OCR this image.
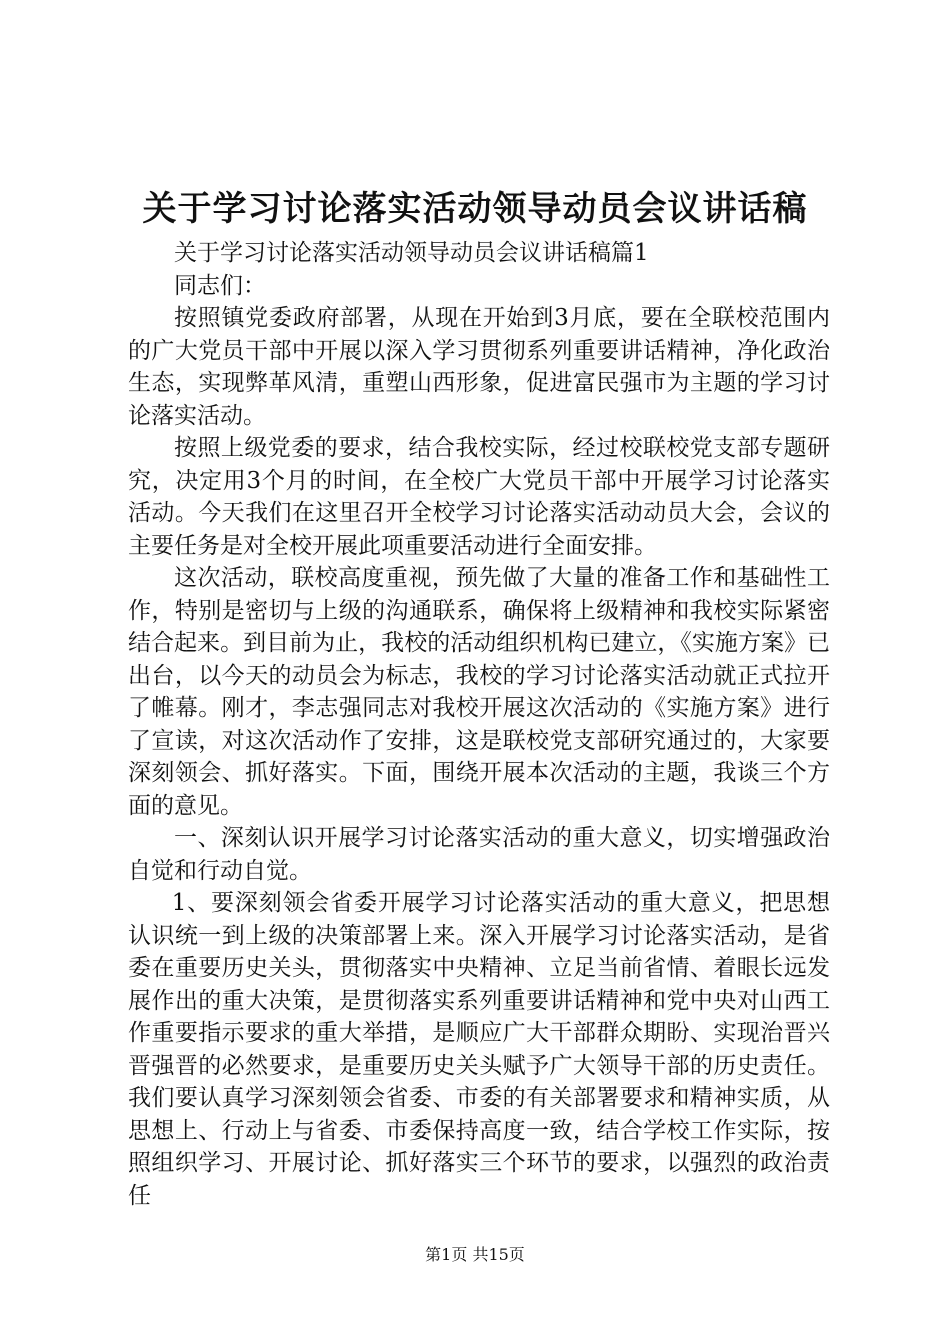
关于学习讨论落实活动领导动员会议讲话稿

关于学习讨论落实活动领导动员会议讲话稿篇1

同志们：

按照镇党委政府部署，从现在开始到3月底，要在全联校范围内的广大党员干部中开展以深入学习贯彻系列重要讲话精神，净化政治生态，实现弊革风清，重塑山西形象，促进富民强市为主题的学习讨论落实活动。

按照上级党委的要求，结合我校实际，经过校联校党支部专题研究，决定用3个月的时间，在全校广大党员干部中开展学习讨论落实活动。今天我们在这里召开全校学习讨论落实活动动员大会，会议的主要任务是对全校开展此项重要活动进行全面安排。

这次活动，联校高度重视，预先做了大量的准备工作和基础性工作，特别是密切与上级的沟通联系，确保将上级精神和我校实际紧密结合起来。到目前为止，我校的活动组织机构已建立，《实施方案》已出台，以今天的动员会为标志，我校的学习讨论落实活动就正式拉开了帷幕。刚才，李志强同志对我校开展这次活动的《实施方案》进行了宣读，对这次活动作了安排，这是联校党支部研究通过的，大家要深刻领会、抓好落实。下面，围绕开展本次活动的主题，我谈三个方面的意见。

一、深刻认识开展学习讨论落实活动的重大意义，切实增强政治自觉和行动自觉。

1、要深刻领会省委开展学习讨论落实活动的重大意义，把思想认识统一到上级的决策部署上来。深入开展学习讨论落实活动，是省委在重要历史关头，贯彻落实中央精神、立足当前省情、着眼长远发展作出的重大决策，是贯彻落实系列重要讲话精神和党中央对山西工作重要指示要求的重大举措，是顺应广大干部群众期盼、实现治晋兴晋强晋的必然要求，是重要历史关头赋予广大领导干部的历史责任。我们要认真学习深刻领会省委、市委的有关部署要求和精神实质，从思想上、行动上与省委、市委保持高度一致，结合学校工作实际，按照组织学习、开展讨论、抓好落实三个环节的要求，以强烈的政治责任

第1页 共15页
